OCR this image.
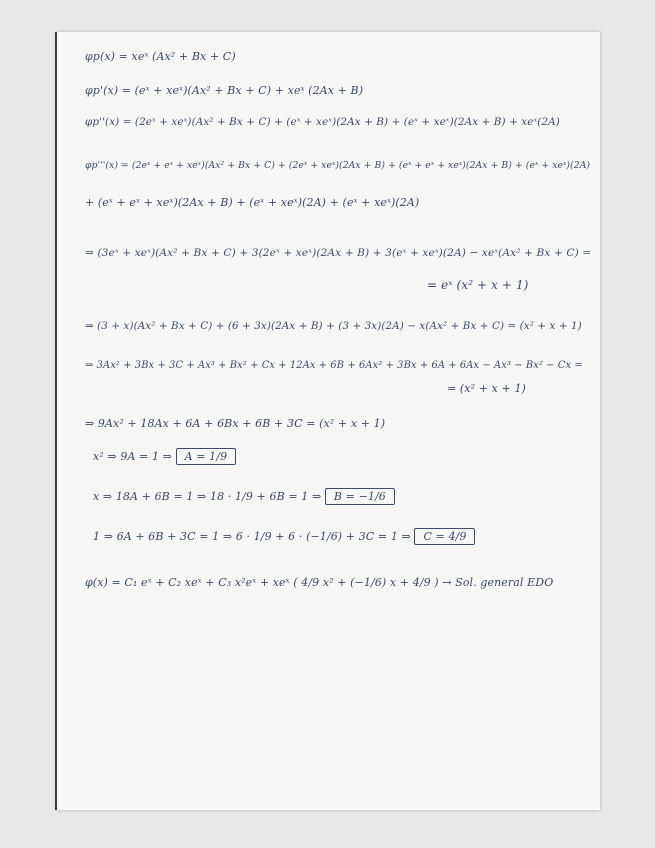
φp(x) = xeˣ (Ax² + Bx + C)
φp'(x) = (eˣ + xeˣ)(Ax² + Bx + C) + xeˣ (2Ax + B)
φp''(x) = (2eˣ + xeˣ)(Ax² + Bx + C) + (eˣ + xeˣ)(2Ax + B) + (eˣ + xeˣ)(2Ax + B) + xeˣ(2A)
φp'''(x) = (2eˣ + eˣ + xeˣ)(Ax² + Bx + C) + (2eˣ + xeˣ)(2Ax + B) + (eˣ + eˣ + xeˣ)(2Ax + B) + (eˣ + xeˣ)(2A)
+ (eˣ + eˣ + xeˣ)(2Ax + B) + (eˣ + xeˣ)(2A) + (eˣ + xeˣ)(2A)
⇒ (3eˣ + xeˣ)(Ax² + Bx + C) + 3(2eˣ + xeˣ)(2Ax + B) + 3(eˣ + xeˣ)(2A) − xeˣ(Ax² + Bx + C) =
= eˣ (x² + x + 1)
⇒ (3 + x)(Ax² + Bx + C) + (6 + 3x)(2Ax + B) + (3 + 3x)(2A) − x(Ax² + Bx + C) = (x² + x + 1)
⇒ 3Ax² + 3Bx + 3C + Ax³ + Bx² + Cx + 12Ax + 6B + 6Ax² + 3Bx + 6A + 6Ax − Ax³ − Bx² − Cx =
= (x² + x + 1)
⇒ 9Ax² + 18Ax + 6A + 6Bx + 6B + 3C = (x² + x + 1)
x² ⇒ 9A = 1 ⇒ A = 1/9
x ⇒ 18A + 6B = 1 ⇒ 18 · 1/9 + 6B = 1 ⇒ B = −1/6
1 ⇒ 6A + 6B + 3C = 1 ⇒ 6 · 1/9 + 6 · (−1/6) + 3C = 1 ⇒ C = 4/9
φ(x) = C₁ eˣ + C₂ xeˣ + C₃ x²eˣ + xeˣ ( 4/9 x² + (−1/6) x + 4/9 ) → Sol. general EDO
